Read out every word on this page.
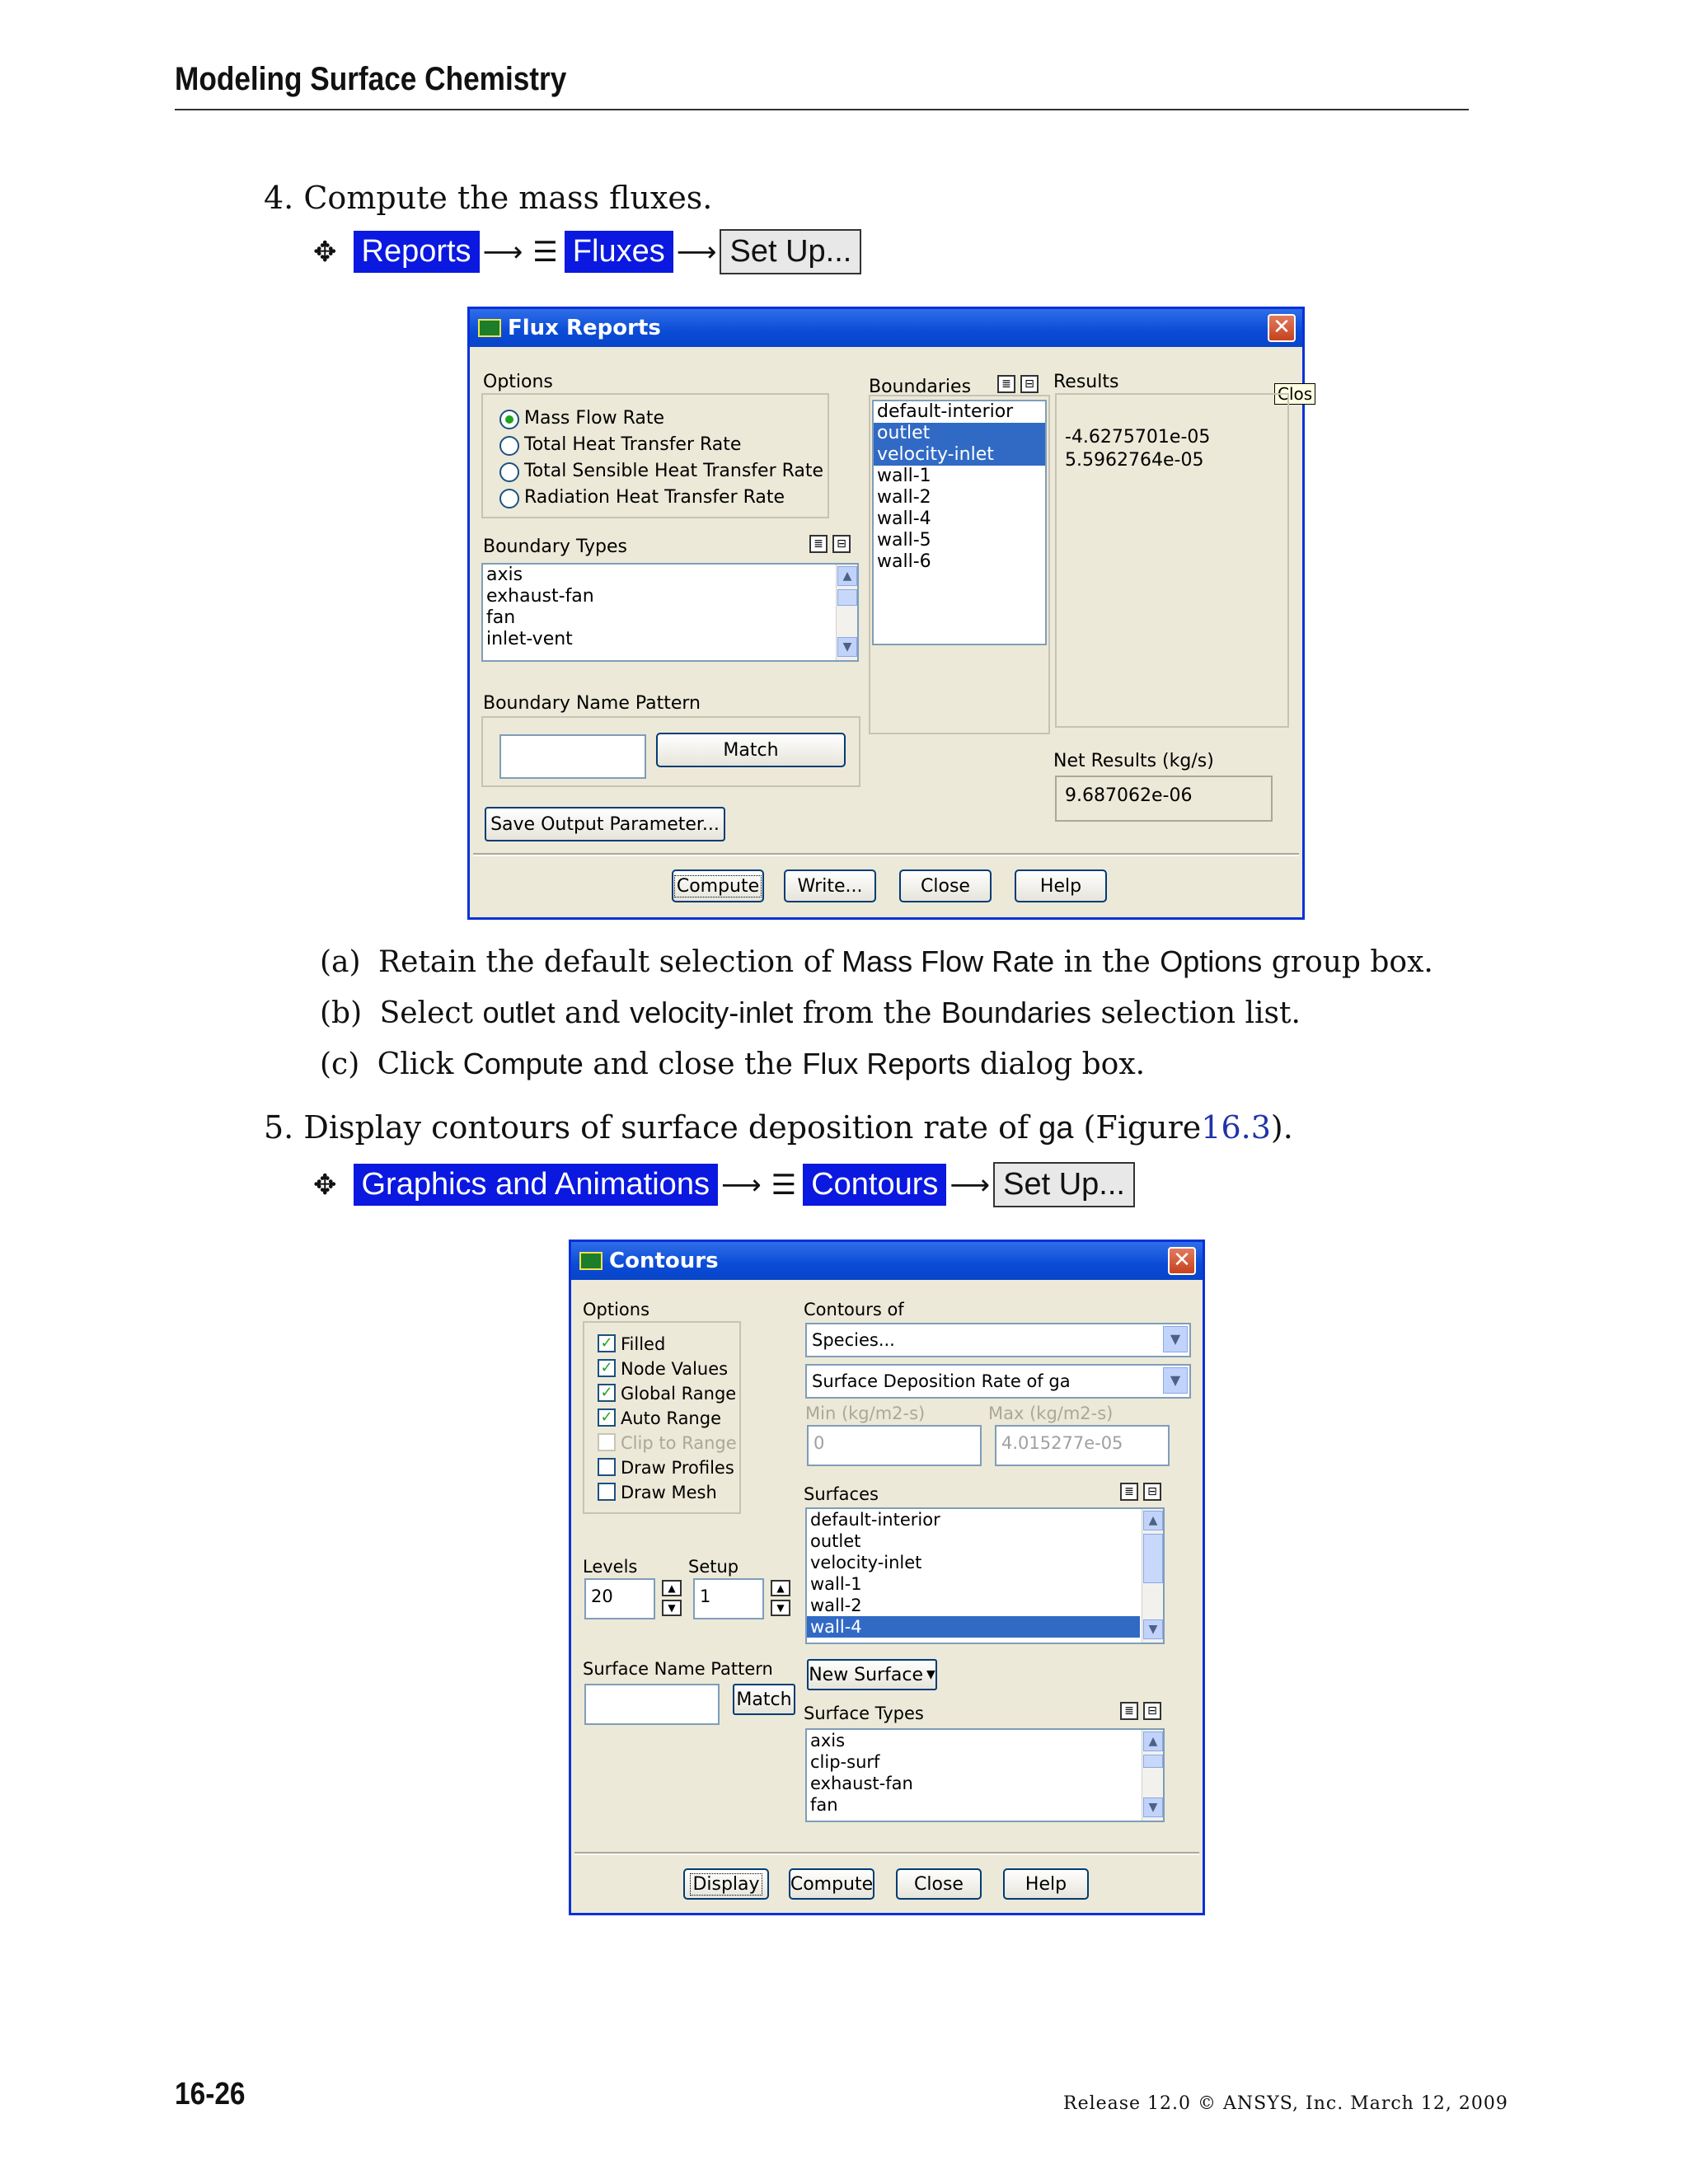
Modeling Surface Chemistry
4. Compute the mass fluxes.
✥ Reports ⟶ ☰ Fluxes ⟶ Set Up...
Flux Reports	✕
Clos
Options
Mass Flow Rate
Total Heat Transfer Rate
Total Sensible Heat Transfer Rate
Radiation Heat Transfer Rate
Boundary Types	≣	⊟
axis
exhaust-fan
fan
inlet-vent
▲
▼
Boundary Name Pattern
Match
Save Output Parameter...
Boundaries	≣	⊟
default-interior
outlet
velocity-inlet
wall-1
wall-2
wall-4
wall-5
wall-6
Results
-4.6275701e-05
5.5962764e-05
Net Results (kg/s)
9.687062e-06
Compute Write...	Close	Help
(a) Retain the default selection of Mass Flow Rate in the Options group box.
(b) Select outlet and velocity-inlet from the Boundaries selection list.
(c) Click Compute and close the Flux Reports dialog box.
5. Display contours of surface deposition rate of ga (Figure16.3).
✥ Graphics and Animations ⟶ ☰ Contours ⟶ Set Up...
Contours	✕
Options
✓ Filled
✓ Node Values
✓ Global Range
✓ Auto Range
Clip to Range
Draw Profiles
Draw Mesh
Levels	Setup
20	▲
▼
1	▲
▼
Surface Name Pattern
Match
Contours of
Species...	▼
Surface Deposition Rate of ga	▼
Min (kg/m2-s)	Max (kg/m2-s)
0	4.015277e-05
Surfaces	≣	⊟
default-interior
outlet
velocity-inlet
wall-1
wall-2
wall-4
▲
▼
New Surface ▼
Surface Types	≣	⊟
axis
clip-surf
exhaust-fan
fan
▲
▼
Display Compute Close	Help
16-26	Release 12.0 © ANSYS, Inc. March 12, 2009
